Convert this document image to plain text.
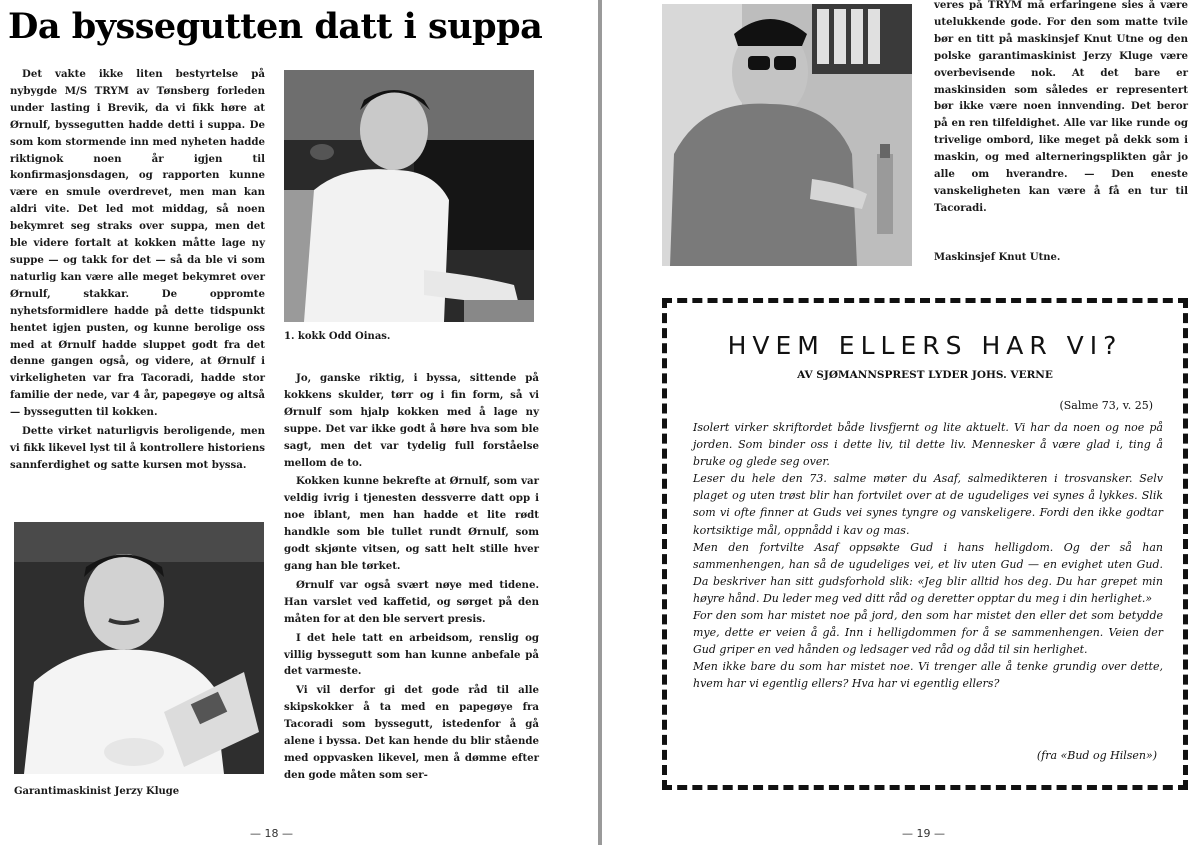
Da byssegutten datt i suppa

Det vakte ikke liten bestyrtelse på nybygde M/S TRYM av Tønsberg forleden under lasting i Brevik, da vi fikk høre at Ørnulf, byssegutten hadde detti i suppa. De som kom stormende inn med nyheten hadde riktignok noen år igjen til konfirmasjonsdagen, og rapporten kunne være en smule overdrevet, men man kan aldri vite. Det led mot middag, så noen bekymret seg straks over suppa, men det ble videre fortalt at kokken måtte lage ny suppe — og takk for det — så da ble vi som naturlig kan være alle meget bekymret over Ørnulf, stakkar. De oppromte nyhetsformidlere hadde på dette tidspunkt hentet igjen pusten, og kunne berolige oss med at Ørnulf hadde sluppet godt fra det denne gangen også, og videre, at Ørnulf i virkeligheten var fra Tacoradi, hadde stor familie der nede, var 4 år, papegøye og altså — byssegutten til kokken.

Dette virket naturligvis beroligende, men vi fikk likevel lyst til å kontrollere historiens sannferdighet og satte kursen mot byssa.

1. kokk Odd Oinas.

Jo, ganske riktig, i byssa, sittende på kokkens skulder, tørr og i fin form, så vi Ørnulf som hjalp kokken med å lage ny suppe. Det var ikke godt å høre hva som ble sagt, men det var tydelig full forståelse mellom de to.

Kokken kunne bekrefte at Ørnulf, som var veldig ivrig i tjenesten dessverre datt opp i noe iblant, men han hadde et lite rødt handkle som ble tullet rundt Ørnulf, som godt skjønte vitsen, og satt helt stille hver gang han ble tørket.

Ørnulf var også svært nøye med tidene. Han varslet ved kaffetid, og sørget på den måten for at den ble servert presis.

I det hele tatt en arbeidsom, renslig og villig byssegutt som han kunne anbefale på det varmeste.

Vi vil derfor gi det gode råd til alle skipskokker å ta med en papegøye fra Tacoradi som byssegutt, istedenfor å gå alene i byssa. Det kan hende du blir stående med oppvasken likevel, men å dømme efter den gode måten som ser-

Garantimaskinist Jerzy Kluge
— 18 —
veres på TRYM må erfaringene sies å være utelukkende gode. For den som matte tvile bør en titt på maskinsjef Knut Utne og den polske garantimaskinist Jerzy Kluge være overbevisende nok. At det bare er maskinsiden som således er representert bør ikke være noen innvending. Det beror på en ren tilfeldighet. Alle var like runde og trivelige ombord, like meget på dekk som i maskin, og med alterneringsplikten går jo alle om hverandre. — Den eneste vanskeligheten kan være å få en tur til Tacoradi.
Maskinsjef Knut Utne.
HVEM ELLERS HAR VI?
AV SJØMANNSPREST LYDER JOHS. VERNE
(Salme 73, v. 25)

Isolert virker skriftordet både livsfjernt og lite aktuelt. Vi har da noen og noe på jorden. Som binder oss i dette liv, til dette liv. Mennesker å være glad i, ting å bruke og glede seg over.

Leser du hele den 73. salme møter du Asaf, salmedikteren i trosvansker. Selv plaget og uten trøst blir han fortvilet over at de ugudeliges vei synes å lykkes. Slik som vi ofte finner at Guds vei synes tyngre og vanskeligere. Fordi den ikke godtar kortsiktige mål, oppnådd i kav og mas.

Men den fortvilte Asaf oppsøkte Gud i hans helligdom. Og der så han sammenhengen, han så de ugudeliges vei, et liv uten Gud — en evighet uten Gud. Da beskriver han sitt gudsforhold slik: «Jeg blir alltid hos deg. Du har grepet min høyre hånd. Du leder meg ved ditt råd og deretter opptar du meg i din herlighet.»

For den som har mistet noe på jord, den som har mistet den eller det som betydde mye, dette er veien å gå. Inn i helligdommen for å se sammenhengen. Veien der Gud griper en ved hånden og ledsager ved råd og dåd til sin herlighet.

Men ikke bare du som har mistet noe. Vi trenger alle å tenke grundig over dette, hvem har vi egentlig ellers? Hva har vi egentlig ellers?

(fra «Bud og Hilsen»)
— 19 —
